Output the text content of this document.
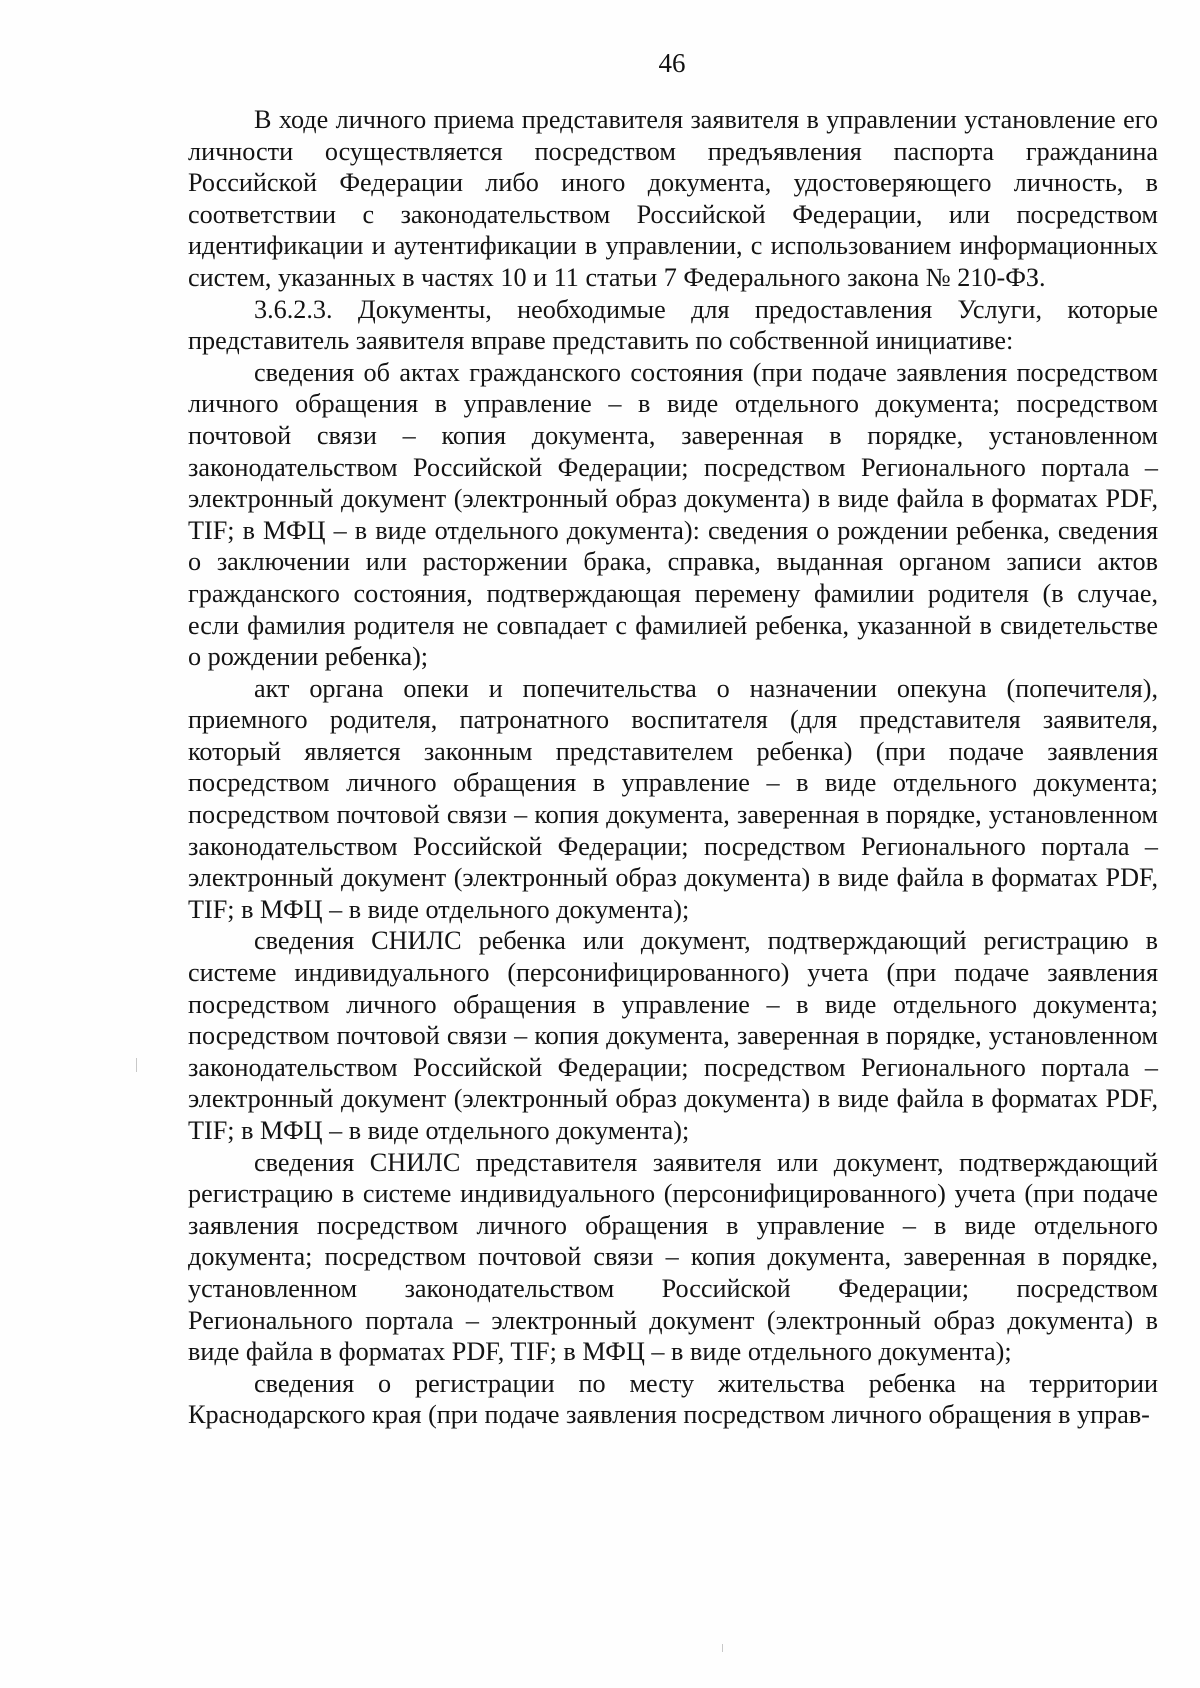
46

В ходе личного приема представителя заявителя в управлении установление его личности осуществляется посредством предъявления паспорта гражданина Российской Федерации либо иного документа, удостоверяющего личность, в соответствии с законодательством Российской Федерации, или посредством идентификации и аутентификации в управлении, с использованием информационных систем, указанных в частях 10 и 11 статьи 7 Федерального закона № 210-ФЗ.

3.6.2.3. Документы, необходимые для предоставления Услуги, которые представитель заявителя вправе представить по собственной инициативе:

сведения об актах гражданского состояния (при подаче заявления посредством личного обращения в управление – в виде отдельного документа; посредством почтовой связи – копия документа, заверенная в порядке, установленном законодательством Российской Федерации; посредством Регионального портала – электронный документ (электронный образ документа) в виде файла в форматах PDF, TIF; в МФЦ – в виде отдельного документа): сведения о рождении ребенка, сведения о заключении или расторжении брака, справка, выданная органом записи актов гражданского состояния, подтверждающая перемену фамилии родителя (в случае, если фамилия родителя не совпадает с фамилией ребенка, указанной в свидетельстве о рождении ребенка);

акт органа опеки и попечительства о назначении опекуна (попечителя), приемного родителя, патронатного воспитателя (для представителя заявителя, который является законным представителем ребенка) (при подаче заявления посредством личного обращения в управление – в виде отдельного документа; посредством почтовой связи – копия документа, заверенная в порядке, установленном законодательством Российской Федерации; посредством Регионального портала – электронный документ (электронный образ документа) в виде файла в форматах PDF, TIF; в МФЦ – в виде отдельного документа);

сведения СНИЛС ребенка или документ, подтверждающий регистрацию в системе индивидуального (персонифицированного) учета (при подаче заявления посредством личного обращения в управление – в виде отдельного документа; посредством почтовой связи – копия документа, заверенная в порядке, установленном законодательством Российской Федерации; посредством Регионального портала – электронный документ (электронный образ документа) в виде файла в форматах PDF, TIF; в МФЦ – в виде отдельного документа);

сведения СНИЛС представителя заявителя или документ, подтверждающий регистрацию в системе индивидуального (персонифицированного) учета (при подаче заявления посредством личного обращения в управление – в виде отдельного документа; посредством почтовой связи – копия документа, заверенная в порядке, установленном законодательством Российской Федерации; посредством Регионального портала – электронный документ (электронный образ документа) в виде файла в форматах PDF, TIF; в МФЦ – в виде отдельного документа);

сведения о регистрации по месту жительства ребенка на территории Краснодарского края (при подаче заявления посредством личного обращения в управ-
